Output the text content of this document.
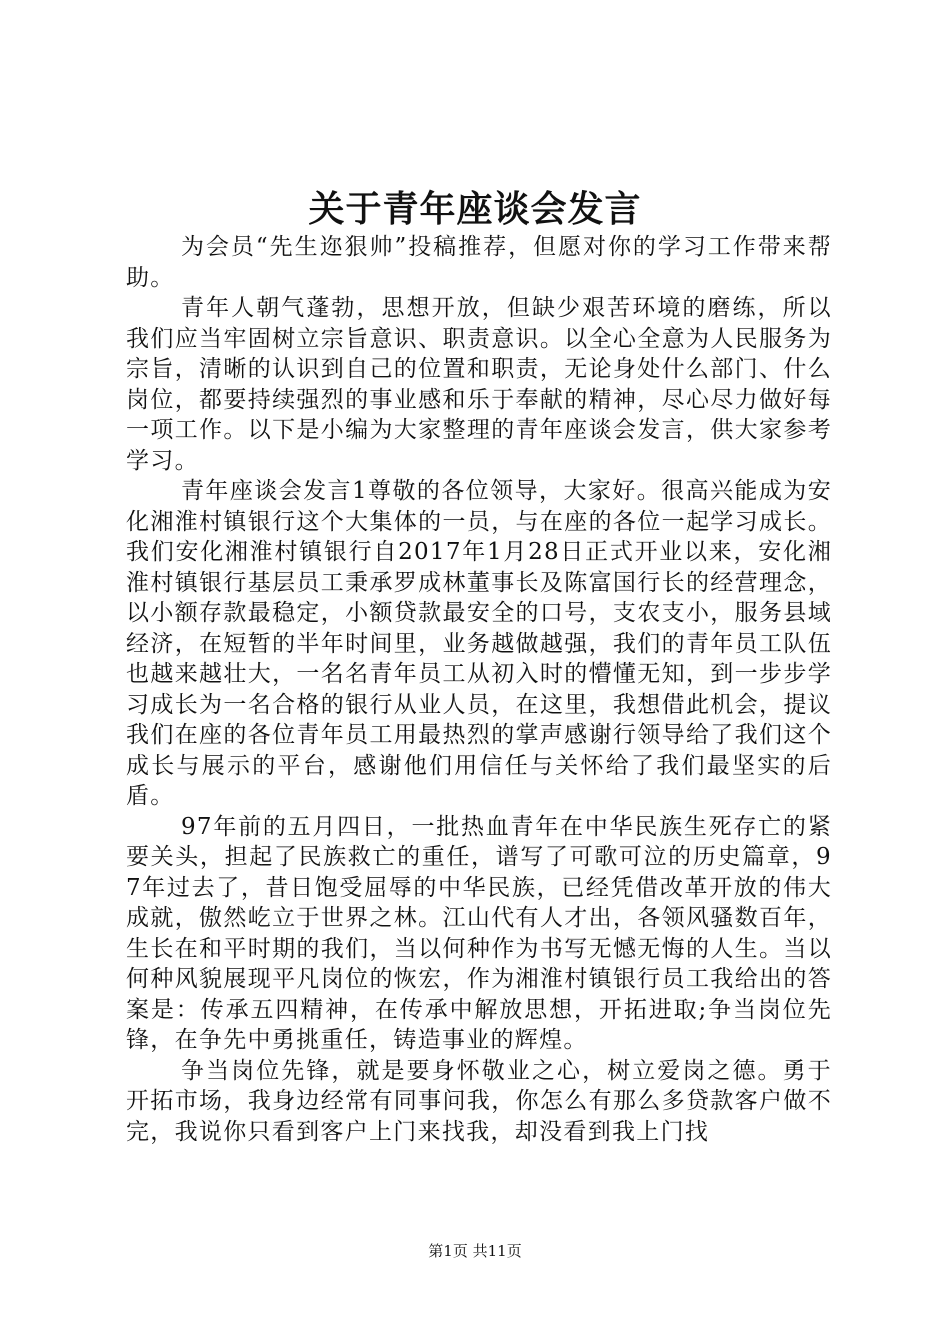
关于青年座谈会发言

为会员“先生迩狠帅”投稿推荐，但愿对你的学习工作带来帮助。

青年人朝气蓬勃，思想开放，但缺少艰苦环境的磨练，所以我们应当牢固树立宗旨意识、职责意识。以全心全意为人民服务为宗旨，清晰的认识到自己的位置和职责，无论身处什么部门、什么岗位，都要持续强烈的事业感和乐于奉献的精神，尽心尽力做好每一项工作。以下是小编为大家整理的青年座谈会发言，供大家参考学习。

青年座谈会发言1尊敬的各位领导，大家好。很高兴能成为安化湘淮村镇银行这个大集体的一员，与在座的各位一起学习成长。我们安化湘淮村镇银行自2017年1月28日正式开业以来，安化湘淮村镇银行基层员工秉承罗成林董事长及陈富国行长的经营理念，以小额存款最稳定，小额贷款最安全的口号，支农支小，服务县域经济，在短暂的半年时间里，业务越做越强，我们的青年员工队伍也越来越壮大，一名名青年员工从初入时的懵懂无知，到一步步学习成长为一名合格的银行从业人员，在这里，我想借此机会，提议我们在座的各位青年员工用最热烈的掌声感谢行领导给了我们这个成长与展示的平台，感谢他们用信任与关怀给了我们最坚实的后盾。

97年前的五月四日，一批热血青年在中华民族生死存亡的紧要关头，担起了民族救亡的重任，谱写了可歌可泣的历史篇章，97年过去了，昔日饱受屈辱的中华民族，已经凭借改革开放的伟大成就，傲然屹立于世界之林。江山代有人才出，各领风骚数百年，生长在和平时期的我们，当以何种作为书写无憾无悔的人生。当以何种风貌展现平凡岗位的恢宏，作为湘淮村镇银行员工我给出的答案是：传承五四精神，在传承中解放思想，开拓进取;争当岗位先锋，在争先中勇挑重任，铸造事业的辉煌。

争当岗位先锋，就是要身怀敬业之心，树立爱岗之德。勇于开拓市场，我身边经常有同事问我，你怎么有那么多贷款客户做不完，我说你只看到客户上门来找我，却没看到我上门找

第1页 共11页
